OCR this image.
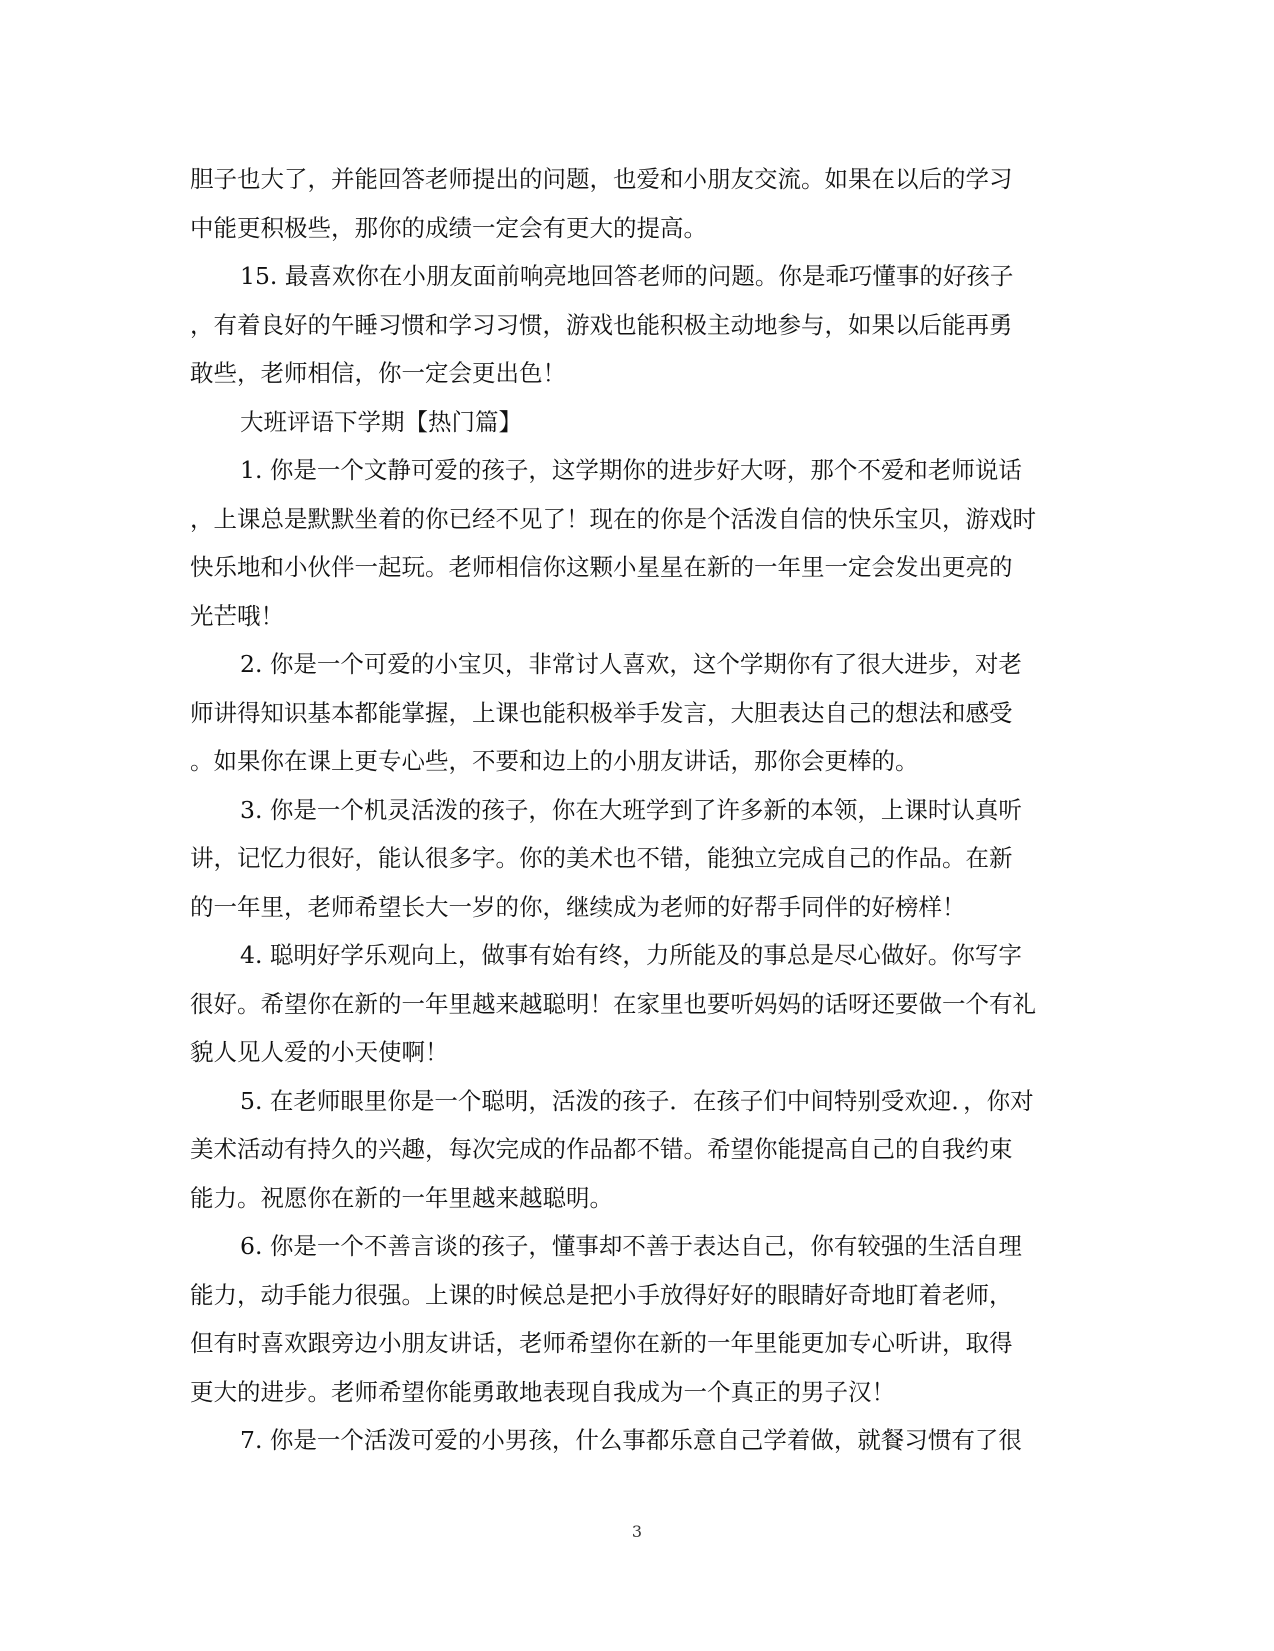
胆子也大了，并能回答老师提出的问题，也爱和小朋友交流。如果在以后的学习
中能更积极些，那你的成绩一定会有更大的提高。
15. 最喜欢你在小朋友面前响亮地回答老师的问题。你是乖巧懂事的好孩子
，有着良好的午睡习惯和学习习惯，游戏也能积极主动地参与，如果以后能再勇
敢些，老师相信，你一定会更出色！
大班评语下学期【热门篇】
1. 你是一个文静可爱的孩子，这学期你的进步好大呀，那个不爱和老师说话
，上课总是默默坐着的你已经不见了！现在的你是个活泼自信的快乐宝贝，游戏时
快乐地和小伙伴一起玩。老师相信你这颗小星星在新的一年里一定会发出更亮的
光芒哦！
2. 你是一个可爱的小宝贝，非常讨人喜欢，这个学期你有了很大进步，对老
师讲得知识基本都能掌握，上课也能积极举手发言，大胆表达自己的想法和感受
。如果你在课上更专心些，不要和边上的小朋友讲话，那你会更棒的。
3. 你是一个机灵活泼的孩子，你在大班学到了许多新的本领，上课时认真听
讲，记忆力很好，能认很多字。你的美术也不错，能独立完成自己的作品。在新
的一年里，老师希望长大一岁的你，继续成为老师的好帮手同伴的好榜样！
4. 聪明好学乐观向上，做事有始有终，力所能及的事总是尽心做好。你写字
很好。希望你在新的一年里越来越聪明！在家里也要听妈妈的话呀还要做一个有礼
貌人见人爱的小天使啊！
5. 在老师眼里你是一个聪明，活泼的孩子．在孩子们中间特别受欢迎．，你对
美术活动有持久的兴趣，每次完成的作品都不错。希望你能提高自己的自我约束
能力。祝愿你在新的一年里越来越聪明。
6. 你是一个不善言谈的孩子，懂事却不善于表达自己，你有较强的生活自理
能力，动手能力很强。上课的时候总是把小手放得好好的眼睛好奇地盯着老师，
但有时喜欢跟旁边小朋友讲话，老师希望你在新的一年里能更加专心听讲，取得
更大的进步。老师希望你能勇敢地表现自我成为一个真正的男子汉！
7. 你是一个活泼可爱的小男孩，什么事都乐意自己学着做，就餐习惯有了很
3
